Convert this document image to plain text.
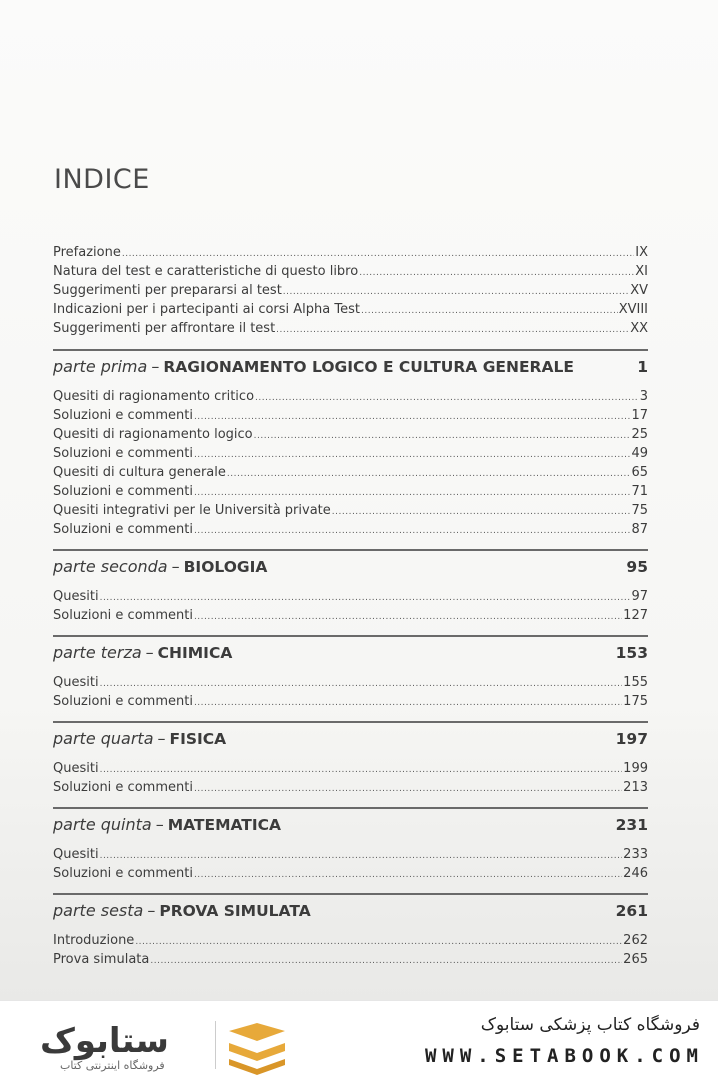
INDICE
Prefazione .....	IX
Natura del test e caratteristiche di questo libro .....	XI
Suggerimenti per prepararsi al test .....	XV
Indicazioni per i partecipanti ai corsi Alpha Test .....	XVIII
Suggerimenti per affrontare il test .....	XX
parte prima – RAGIONAMENTO LOGICO E CULTURA GENERALE	1
Quesiti di ragionamento critico .....	3
Soluzioni e commenti .....	17
Quesiti di ragionamento logico .....	25
Soluzioni e commenti .....	49
Quesiti di cultura generale .....	65
Soluzioni e commenti .....	71
Quesiti integrativi per le Università private .....	75
Soluzioni e commenti .....	87
parte seconda – BIOLOGIA	95
Quesiti .....	97
Soluzioni e commenti .....	127
parte terza – CHIMICA	153
Quesiti .....	155
Soluzioni e commenti .....	175
parte quarta – FISICA	197
Quesiti .....	199
Soluzioni e commenti .....	213
parte quinta – MATEMATICA	231
Quesiti .....	233
Soluzioni e commenti .....	246
parte sesta – PROVA SIMULATA	261
Introduzione .....	262
Prova simulata .....	265
ستابوک
فروشگاه اینترنتی کتاب
فروشگاه کتاب پزشکی ستابوک
WWW.SETABOOK.COM
